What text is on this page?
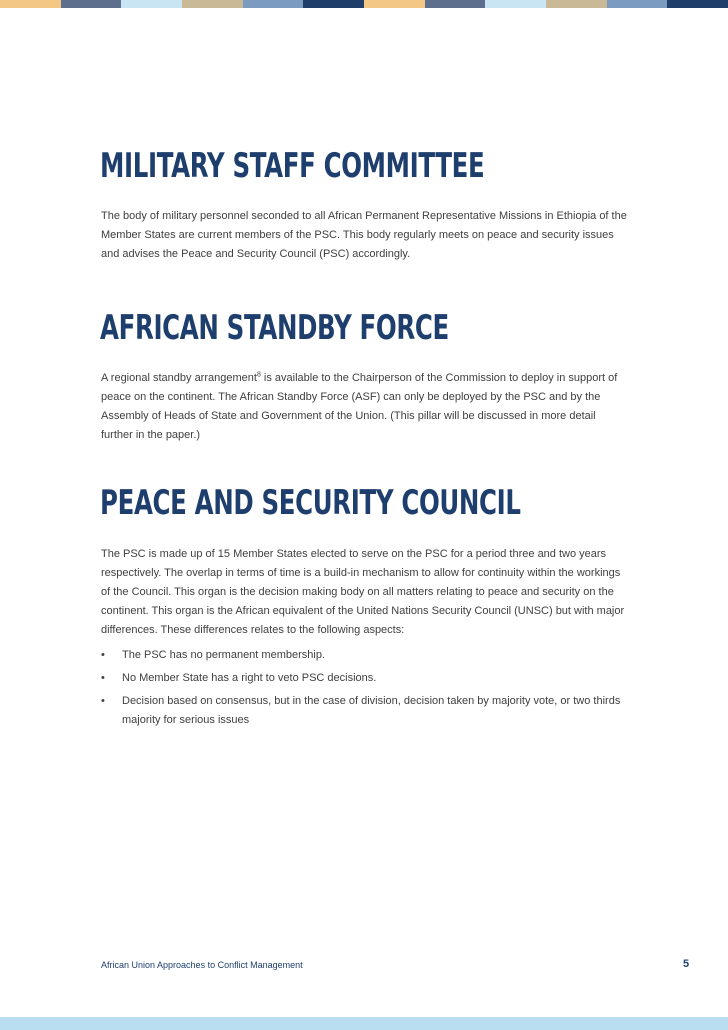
MILITARY STAFF COMMITTEE

The body of military personnel seconded to all African Permanent Representative Missions in Ethiopia of the Member States are current members of the PSC. This body regularly meets on peace and security issues and advises the Peace and Security Council (PSC) accordingly.

AFRICAN STANDBY FORCE

A regional standby arrangement$^8$ is available to the Chairperson of the Commission to deploy in support of peace on the continent. The African Standby Force (ASF) can only be deployed by the PSC and by the Assembly of Heads of State and Government of the Union. (This pillar will be discussed in more detail further in the paper.)

PEACE AND SECURITY COUNCIL

The PSC is made up of 15 Member States elected to serve on the PSC for a period three and two years respectively. The overlap in terms of time is a build-in mechanism to allow for continuity within the workings of the Council. This organ is the decision making body on all matters relating to peace and security on the continent. This organ is the African equivalent of the United Nations Security Council (UNSC) but with major differences. These differences relates to the following aspects:

• The PSC has no permanent membership.
• No Member State has a right to veto PSC decisions.
• Decision based on consensus, but in the case of division, decision taken by majority vote, or two thirds majority for serious issues
African Union Approaches to Conflict Management	5
